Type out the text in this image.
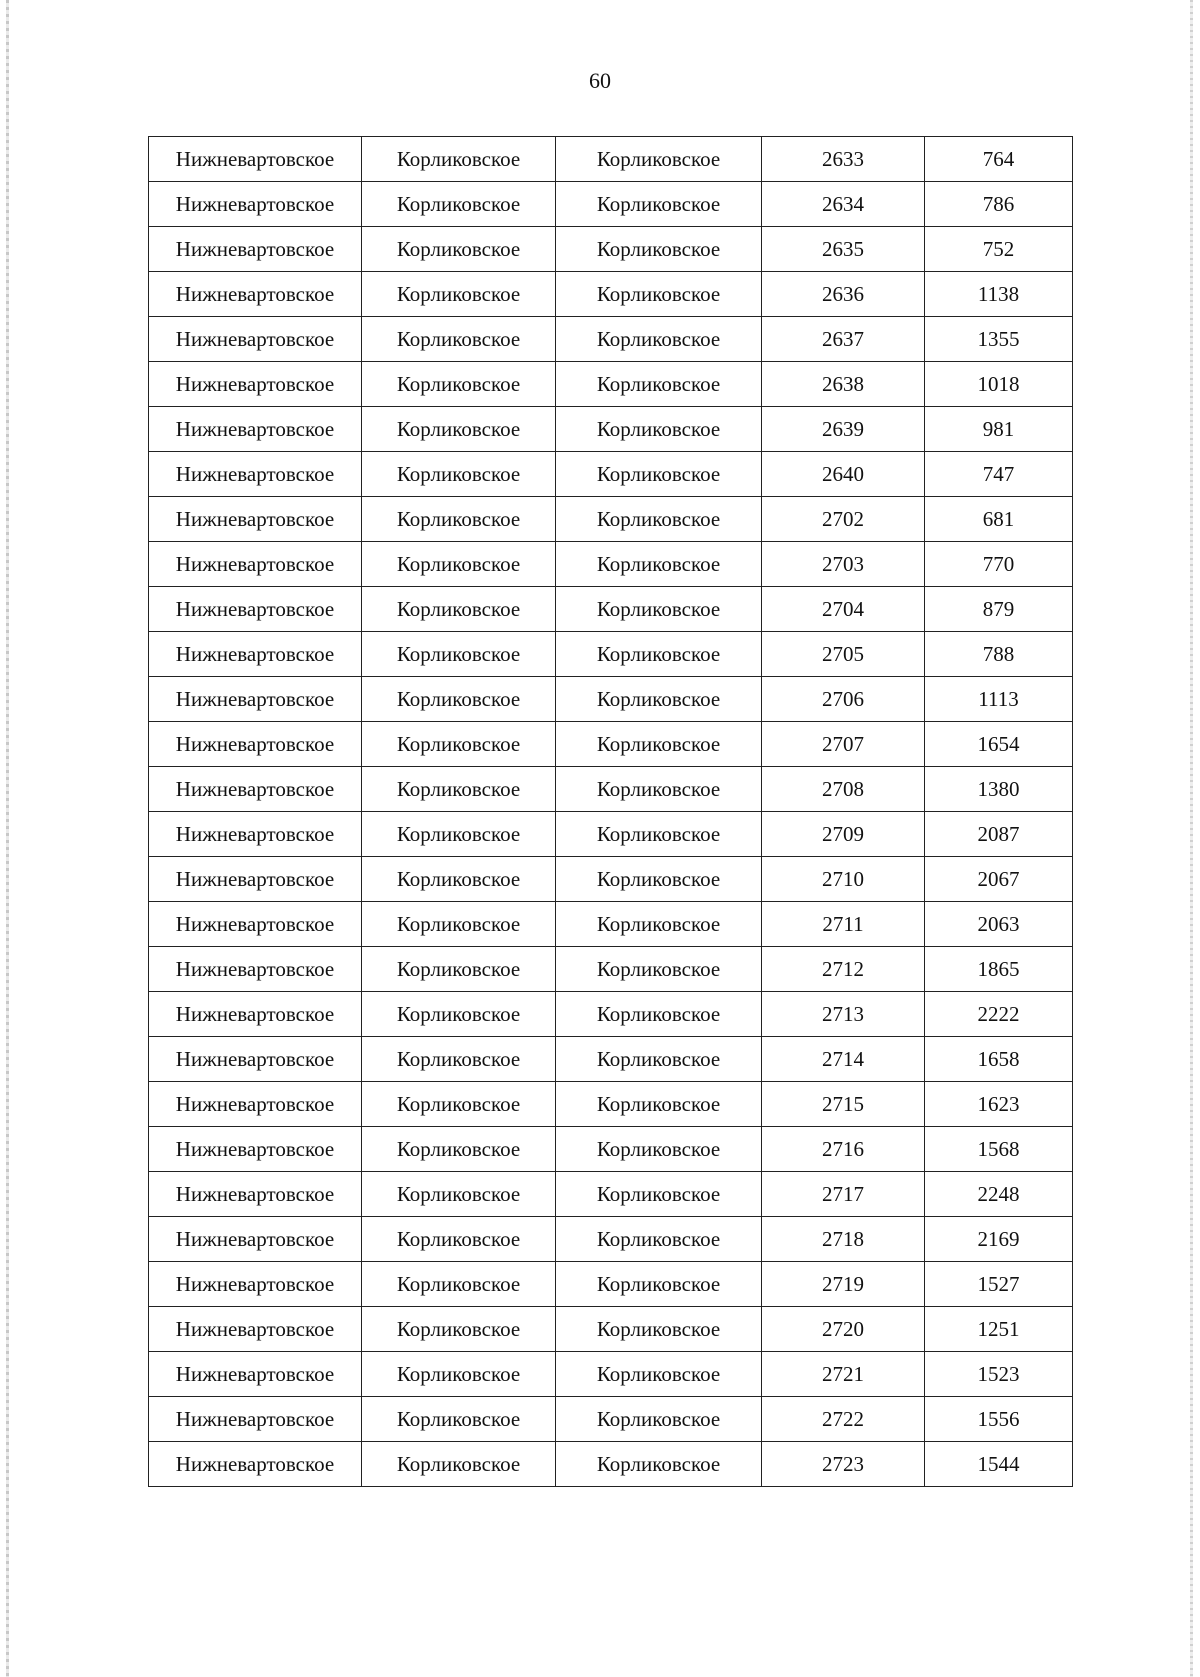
60
Нижневартовское	Корликовское	Корликовское	2633	764
Нижневартовское	Корликовское	Корликовское	2634	786
Нижневартовское	Корликовское	Корликовское	2635	752
Нижневартовское	Корликовское	Корликовское	2636	1138
Нижневартовское	Корликовское	Корликовское	2637	1355
Нижневартовское	Корликовское	Корликовское	2638	1018
Нижневартовское	Корликовское	Корликовское	2639	981
Нижневартовское	Корликовское	Корликовское	2640	747
Нижневартовское	Корликовское	Корликовское	2702	681
Нижневартовское	Корликовское	Корликовское	2703	770
Нижневартовское	Корликовское	Корликовское	2704	879
Нижневартовское	Корликовское	Корликовское	2705	788
Нижневартовское	Корликовское	Корликовское	2706	1113
Нижневартовское	Корликовское	Корликовское	2707	1654
Нижневартовское	Корликовское	Корликовское	2708	1380
Нижневартовское	Корликовское	Корликовское	2709	2087
Нижневартовское	Корликовское	Корликовское	2710	2067
Нижневартовское	Корликовское	Корликовское	2711	2063
Нижневартовское	Корликовское	Корликовское	2712	1865
Нижневартовское	Корликовское	Корликовское	2713	2222
Нижневартовское	Корликовское	Корликовское	2714	1658
Нижневартовское	Корликовское	Корликовское	2715	1623
Нижневартовское	Корликовское	Корликовское	2716	1568
Нижневартовское	Корликовское	Корликовское	2717	2248
Нижневартовское	Корликовское	Корликовское	2718	2169
Нижневартовское	Корликовское	Корликовское	2719	1527
Нижневартовское	Корликовское	Корликовское	2720	1251
Нижневартовское	Корликовское	Корликовское	2721	1523
Нижневартовское	Корликовское	Корликовское	2722	1556
Нижневартовское	Корликовское	Корликовское	2723	1544
